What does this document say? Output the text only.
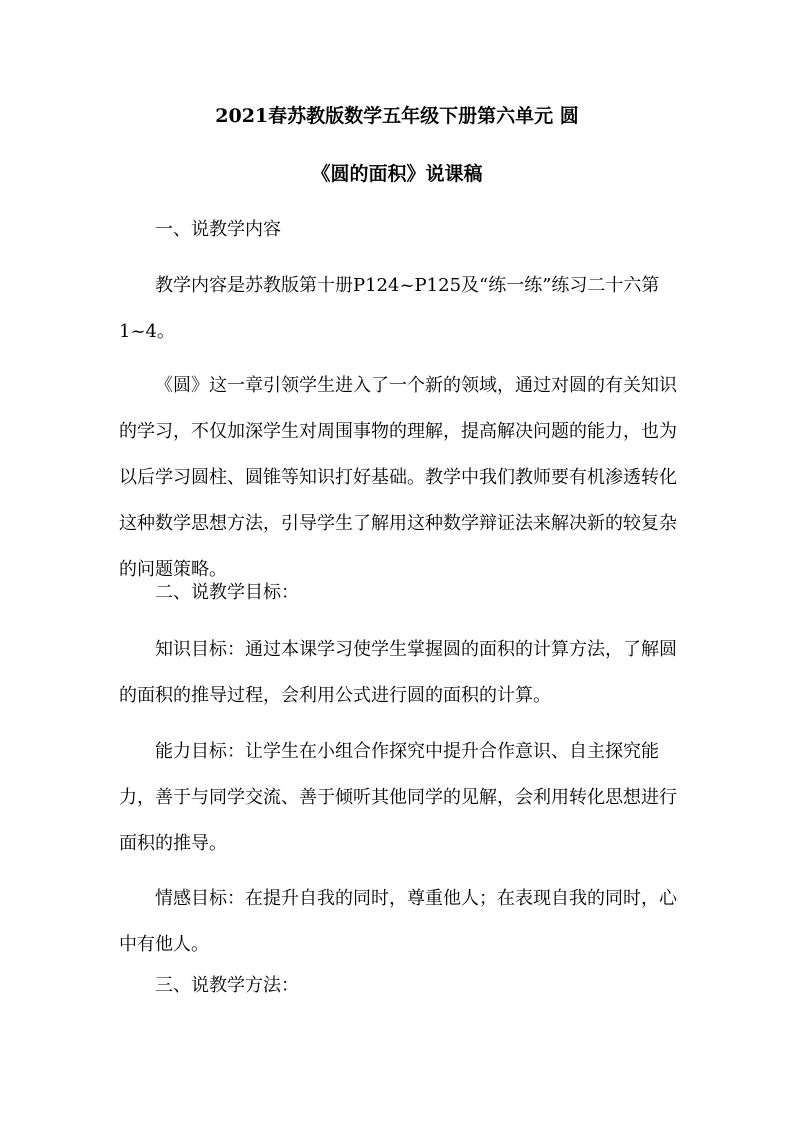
2021春苏教版数学五年级下册第六单元 圆
《圆的面积》说课稿

一、说教学内容

教学内容是苏教版第十册P124~P125及“练一练”练习二十六第1~4。

《圆》这一章引领学生进入了一个新的领域，通过对圆的有关知识的学习，不仅加深学生对周围事物的理解，提高解决问题的能力，也为以后学习圆柱、圆锥等知识打好基础。教学中我们教师要有机渗透转化这种数学思想方法，引导学生了解用这种数学辩证法来解决新的较复杂的问题策略。

二、说教学目标：

知识目标：通过本课学习使学生掌握圆的面积的计算方法，了解圆的面积的推导过程，会利用公式进行圆的面积的计算。

能力目标：让学生在小组合作探究中提升合作意识、自主探究能力，善于与同学交流、善于倾听其他同学的见解，会利用转化思想进行面积的推导。

情感目标：在提升自我的同时，尊重他人；在表现自我的同时，心中有他人。

三、说教学方法：
